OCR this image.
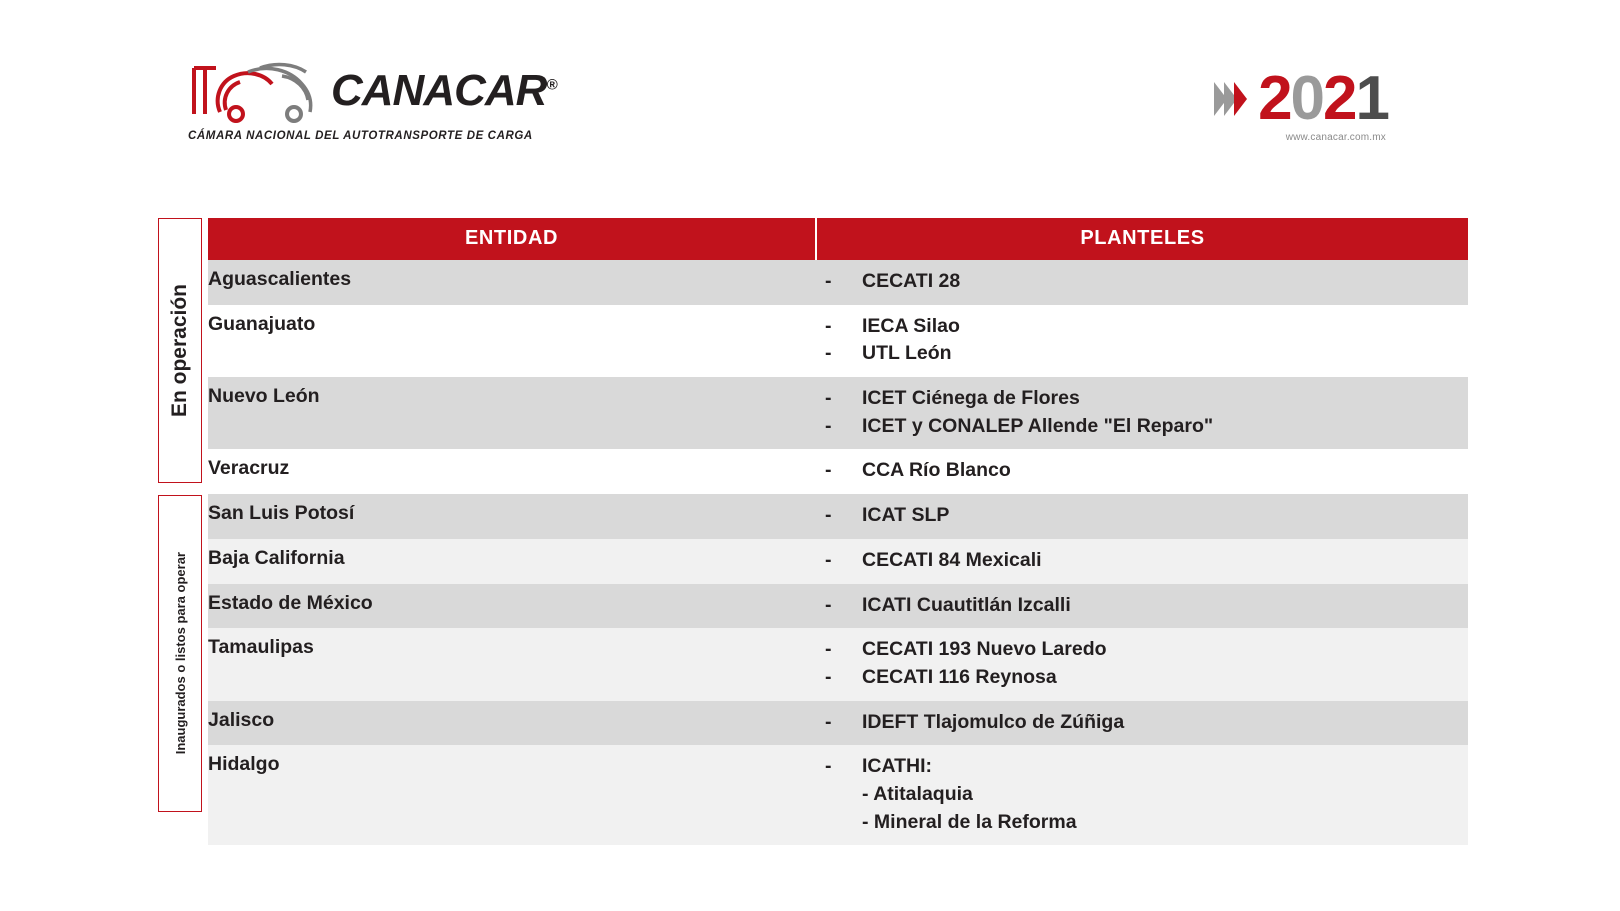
CANACAR®
CÁMARA NACIONAL DEL AUTOTRANSPORTE DE CARGA
2021
www.canacar.com.mx
En operación
Inaugurados o listos para operar
ENTIDAD	PLANTELES
Aguascalientes	- CECATI 28

Guanajuato	- IECA Silao
- UTL León

Nuevo León	- ICET Ciénega de Flores
- ICET y CONALEP Allende "El Reparo"

Veracruz	- CCA Río Blanco

San Luis Potosí	- ICAT SLP

Baja California	- CECATI 84 Mexicali

Estado de México	- ICATI Cuautitlán Izcalli

Tamaulipas	- CECATI 193 Nuevo Laredo
- CECATI 116 Reynosa

Jalisco	- IDEFT Tlajomulco de Zúñiga

Hidalgo	- ICATHI:
- Atitalaquia
- Mineral de la Reforma
